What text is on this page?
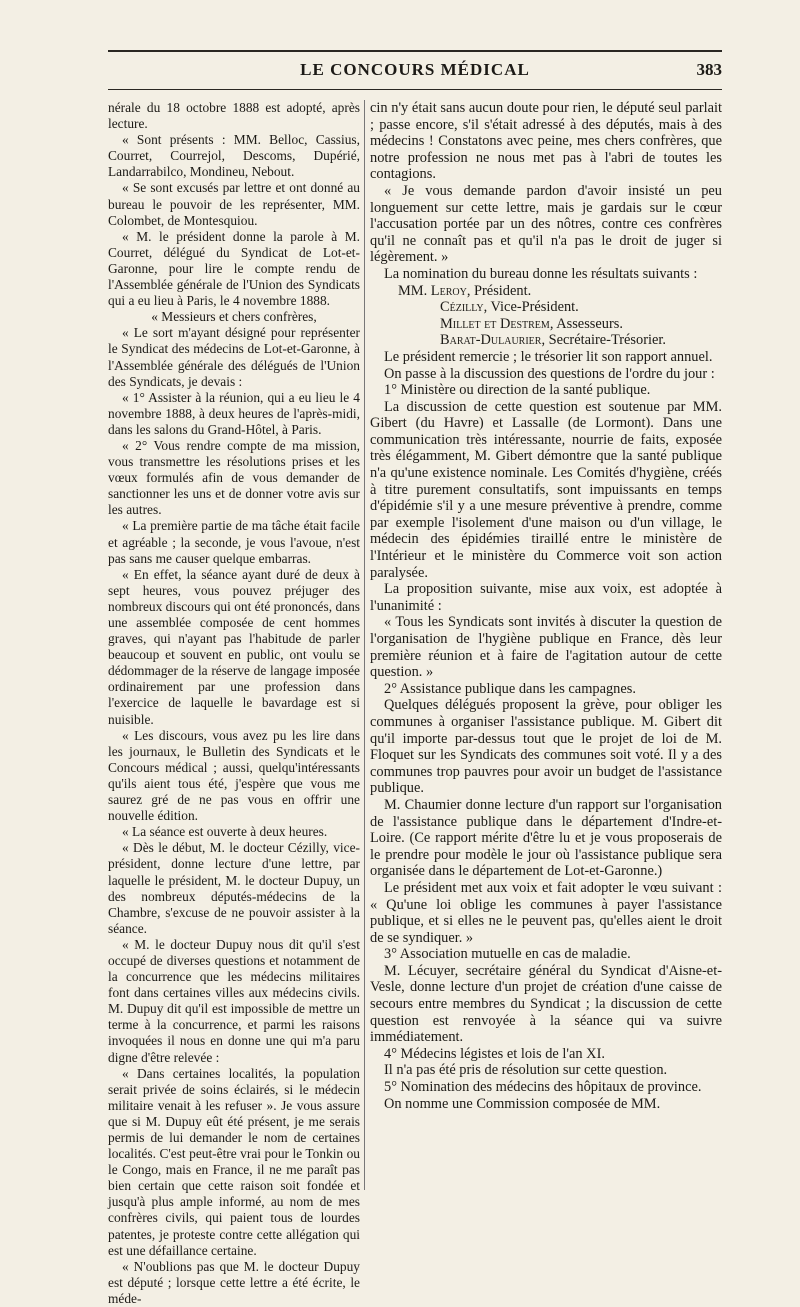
LE CONCOURS MÉDICAL	383

nérale du 18 octobre 1888 est adopté, après lecture.

« Sont présents : MM. Belloc, Cassius, Courret, Courrejol, Descoms, Dupérié, Landarrabilco, Mondineu, Nebout.

« Se sont excusés par lettre et ont donné au bureau le pouvoir de les représenter, MM. Colombet, de Montesquiou.

« M. le président donne la parole à M. Courret, délégué du Syndicat de Lot-et-Garonne, pour lire le compte rendu de l'Assemblée générale de l'Union des Syndicats qui a eu lieu à Paris, le 4 novembre 1888.

« Messieurs et chers confrères,

« Le sort m'ayant désigné pour représenter le Syndicat des médecins de Lot-et-Garonne, à l'Assemblée générale des délégués de l'Union des Syndicats, je devais :

« 1° Assister à la réunion, qui a eu lieu le 4 novembre 1888, à deux heures de l'après-midi, dans les salons du Grand-Hôtel, à Paris.

« 2° Vous rendre compte de ma mission, vous transmettre les résolutions prises et les vœux formulés afin de vous demander de sanctionner les uns et de donner votre avis sur les autres.

« La première partie de ma tâche était facile et agréable ; la seconde, je vous l'avoue, n'est pas sans me causer quelque embarras.

« En effet, la séance ayant duré de deux à sept heures, vous pouvez préjuger des nombreux discours qui ont été prononcés, dans une assemblée composée de cent hommes graves, qui n'ayant pas l'habitude de parler beaucoup et souvent en public, ont voulu se dédommager de la réserve de langage imposée ordinairement par une profession dans l'exercice de laquelle le bavardage est si nuisible.

« Les discours, vous avez pu les lire dans les journaux, le Bulletin des Syndicats et le Concours médical ; aussi, quelqu'intéressants qu'ils aient tous été, j'espère que vous me saurez gré de ne pas vous en offrir une nouvelle édition.

« La séance est ouverte à deux heures.

« Dès le début, M. le docteur Cézilly, vice-président, donne lecture d'une lettre, par laquelle le président, M. le docteur Dupuy, un des nombreux députés-médecins de la Chambre, s'excuse de ne pouvoir assister à la séance.

« M. le docteur Dupuy nous dit qu'il s'est occupé de diverses questions et notamment de la concurrence que les médecins militaires font dans certaines villes aux médecins civils. M. Dupuy dit qu'il est impossible de mettre un terme à la concurrence, et parmi les raisons invoquées il nous en donne une qui m'a paru digne d'être relevée :

« Dans certaines localités, la population serait privée de soins éclairés, si le médecin militaire venait à les refuser ». Je vous assure que si M. Dupuy eût été présent, je me serais permis de lui demander le nom de certaines localités. C'est peut-être vrai pour le Tonkin ou le Congo, mais en France, il ne me paraît pas bien certain que cette raison soit fondée et jusqu'à plus ample informé, au nom de mes confrères civils, qui paient tous de lourdes patentes, je proteste contre cette allégation qui est une défaillance certaine.

« N'oublions pas que M. le docteur Dupuy est député ; lorsque cette lettre a été écrite, le méde-

cin n'y était sans aucun doute pour rien, le député seul parlait ; passe encore, s'il s'était adressé à des députés, mais à des médecins ! Constatons avec peine, mes chers confrères, que notre profession ne nous met pas à l'abri de toutes les contagions.

« Je vous demande pardon d'avoir insisté un peu longuement sur cette lettre, mais je gardais sur le cœur l'accusation portée par un des nôtres, contre ces confrères qu'il ne connaît pas et qu'il n'a pas le droit de juger si légèrement. »

La nomination du bureau donne les résultats suivants :

MM. Leroy, Président.

Cézilly, Vice-Président.

Millet et Destrem, Assesseurs.

Barat-Dulaurier, Secrétaire-Trésorier.

Le président remercie ; le trésorier lit son rapport annuel.

On passe à la discussion des questions de l'ordre du jour :

1° Ministère ou direction de la santé publique.

La discussion de cette question est soutenue par MM. Gibert (du Havre) et Lassalle (de Lormont). Dans une communication très intéressante, nourrie de faits, exposée très élégamment, M. Gibert démontre que la santé publique n'a qu'une existence nominale. Les Comités d'hygiène, créés à titre purement consultatifs, sont impuissants en temps d'épidémie s'il y a une mesure préventive à prendre, comme par exemple l'isolement d'une maison ou d'un village, le médecin des épidémies tiraillé entre le ministère de l'Intérieur et le ministère du Commerce voit son action paralysée.

La proposition suivante, mise aux voix, est adoptée à l'unanimité :

« Tous les Syndicats sont invités à discuter la question de l'organisation de l'hygiène publique en France, dès leur première réunion et à faire de l'agitation autour de cette question. »

2° Assistance publique dans les campagnes.

Quelques délégués proposent la grève, pour obliger les communes à organiser l'assistance publique. M. Gibert dit qu'il importe par-dessus tout que le projet de loi de M. Floquet sur les Syndicats des communes soit voté. Il y a des communes trop pauvres pour avoir un budget de l'assistance publique.

M. Chaumier donne lecture d'un rapport sur l'organisation de l'assistance publique dans le département d'Indre-et-Loire. (Ce rapport mérite d'être lu et je vous proposerais de le prendre pour modèle le jour où l'assistance publique sera organisée dans le département de Lot-et-Garonne.)

Le président met aux voix et fait adopter le vœu suivant : « Qu'une loi oblige les communes à payer l'assistance publique, et si elles ne le peuvent pas, qu'elles aient le droit de se syndiquer. »

3° Association mutuelle en cas de maladie.

M. Lécuyer, secrétaire général du Syndicat d'Aisne-et-Vesle, donne lecture d'un projet de création d'une caisse de secours entre membres du Syndicat ; la discussion de cette question est renvoyée à la séance qui va suivre immédiatement.

4° Médecins légistes et lois de l'an XI.

Il n'a pas été pris de résolution sur cette question.

5° Nomination des médecins des hôpitaux de province.

On nomme une Commission composée de MM.
